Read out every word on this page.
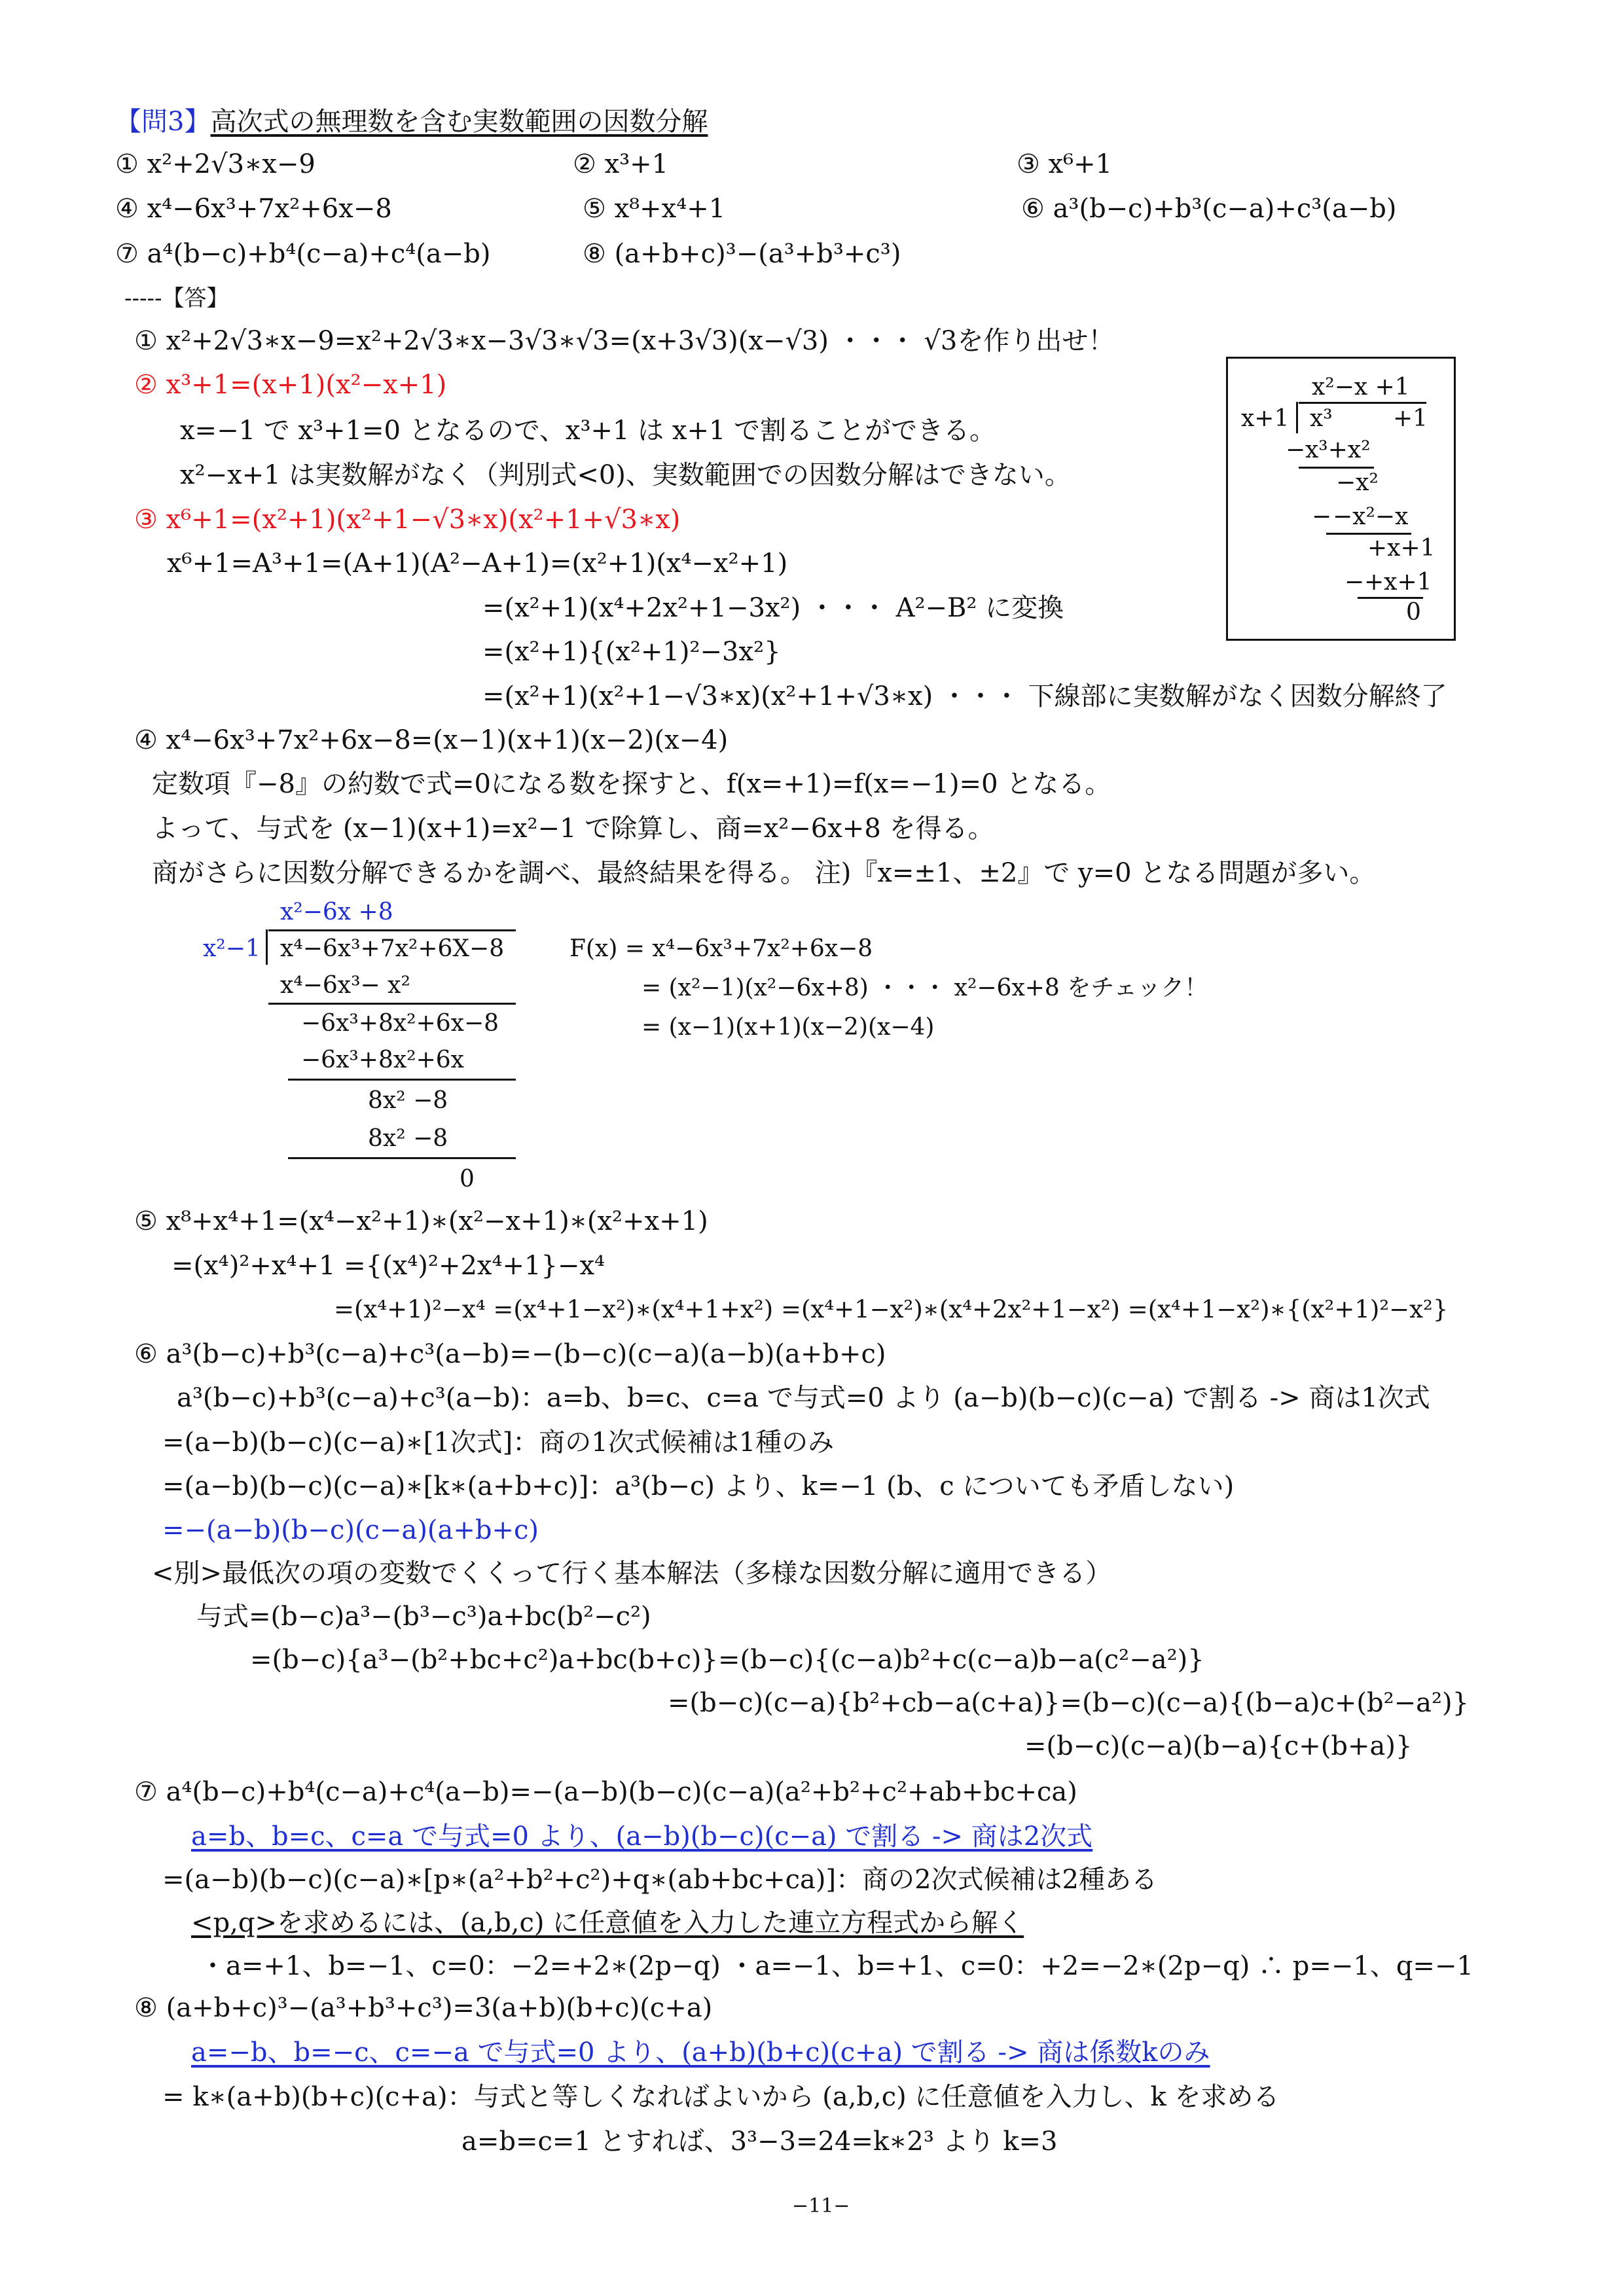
【問3】高次式の無理数を含む実数範囲の因数分解
① x²+2√3∗x−9	② x³+1	③ x⁶+1
④ x⁴−6x³+7x²+6x−8	⑤ x⁸+x⁴+1	⑥ a³(b−c)+b³(c−a)+c³(a−b)
⑦ a⁴(b−c)+b⁴(c−a)+c⁴(a−b)	⑧ (a+b+c)³−(a³+b³+c³)
-----【答】
① x²+2√3∗x−9=x²+2√3∗x−3√3∗√3=(x+3√3)(x−√3) ・・・ √3を作り出せ！
② x³+1=(x+1)(x²−x+1)
x=−1 で x³+1=0 となるので、x³+1 は x+1 で割ることができる。
x²−x+1 は実数解がなく（判別式<0)、実数範囲での因数分解はできない。
x²−x +1
x+1 x³	+1
− x³+x²
−x²
− −x²−x
+x+1
− +x+1
0
③ x⁶+1=(x²+1)(x²+1−√3∗x)(x²+1+√3∗x)
x⁶+1=A³+1=(A+1)(A²−A+1)=(x²+1)(x⁴−x²+1)
=(x²+1)(x⁴+2x²+1−3x²) ・・・ A²−B² に変換
=(x²+1){(x²+1)²−3x²}
=(x²+1)(x²+1−√3∗x)(x²+1+√3∗x) ・・・ 下線部に実数解がなく因数分解終了
④ x⁴−6x³+7x²+6x−8=(x−1)(x+1)(x−2)(x−4)
定数項『−8』の約数で式=0になる数を探すと、f(x=+1)=f(x=−1)=0 となる。
よって、与式を (x−1)(x+1)=x²−1 で除算し、商=x²−6x+8 を得る。
商がさらに因数分解できるかを調べ、最終結果を得る。 注)『x=±1、±2』で y=0 となる問題が多い。
x²−6x +8
x²−1 x⁴−6x³+7x²+6X−8
x⁴−6x³− x²
−6x³+8x²+6x−8
−6x³+8x²+6x
8x² −8
8x² −8
0
F(x) = x⁴−6x³+7x²+6x−8
= (x²−1)(x²−6x+8) ・・・ x²−6x+8 をチェック！
= (x−1)(x+1)(x−2)(x−4)
⑤ x⁸+x⁴+1=(x⁴−x²+1)∗(x²−x+1)∗(x²+x+1)
=(x⁴)²+x⁴+1 ={(x⁴)²+2x⁴+1}−x⁴
=(x⁴+1)²−x⁴ =(x⁴+1−x²)∗(x⁴+1+x²) =(x⁴+1−x²)∗(x⁴+2x²+1−x²) =(x⁴+1−x²)∗{(x²+1)²−x²}
⑥ a³(b−c)+b³(c−a)+c³(a−b)=−(b−c)(c−a)(a−b)(a+b+c)
a³(b−c)+b³(c−a)+c³(a−b)：a=b、b=c、c=a で与式=0 より (a−b)(b−c)(c−a) で割る -> 商は1次式
=(a−b)(b−c)(c−a)∗[1次式]：商の1次式候補は1種のみ
=(a−b)(b−c)(c−a)∗[k∗(a+b+c)]：a³(b−c) より、k=−1 (b、c についても矛盾しない)
=−(a−b)(b−c)(c−a)(a+b+c)
<別>最低次の項の変数でくくって行く基本解法（多様な因数分解に適用できる）
与式=(b−c)a³−(b³−c³)a+bc(b²−c²)
=(b−c){a³−(b²+bc+c²)a+bc(b+c)}=(b−c){(c−a)b²+c(c−a)b−a(c²−a²)}
=(b−c)(c−a){b²+cb−a(c+a)}=(b−c)(c−a){(b−a)c+(b²−a²)}
=(b−c)(c−a)(b−a){c+(b+a)}
⑦ a⁴(b−c)+b⁴(c−a)+c⁴(a−b)=−(a−b)(b−c)(c−a)(a²+b²+c²+ab+bc+ca)
a=b、b=c、c=a で与式=0 より、(a−b)(b−c)(c−a) で割る -> 商は2次式
=(a−b)(b−c)(c−a)∗[p∗(a²+b²+c²)+q∗(ab+bc+ca)]：商の2次式候補は2種ある
<p,q>を求めるには、(a,b,c) に任意値を入力した連立方程式から解く
・a=+1、b=−1、c=0：−2=+2∗(2p−q) ・a=−1、b=+1、c=0：+2=−2∗(2p−q) ∴ p=−1、q=−1
⑧ (a+b+c)³−(a³+b³+c³)=3(a+b)(b+c)(c+a)
a=−b、b=−c、c=−a で与式=0 より、(a+b)(b+c)(c+a) で割る -> 商は係数kのみ
= k∗(a+b)(b+c)(c+a)：与式と等しくなればよいから (a,b,c) に任意値を入力し、k を求める
a=b=c=1 とすれば、3³−3=24=k∗2³ より k=3
−11−
